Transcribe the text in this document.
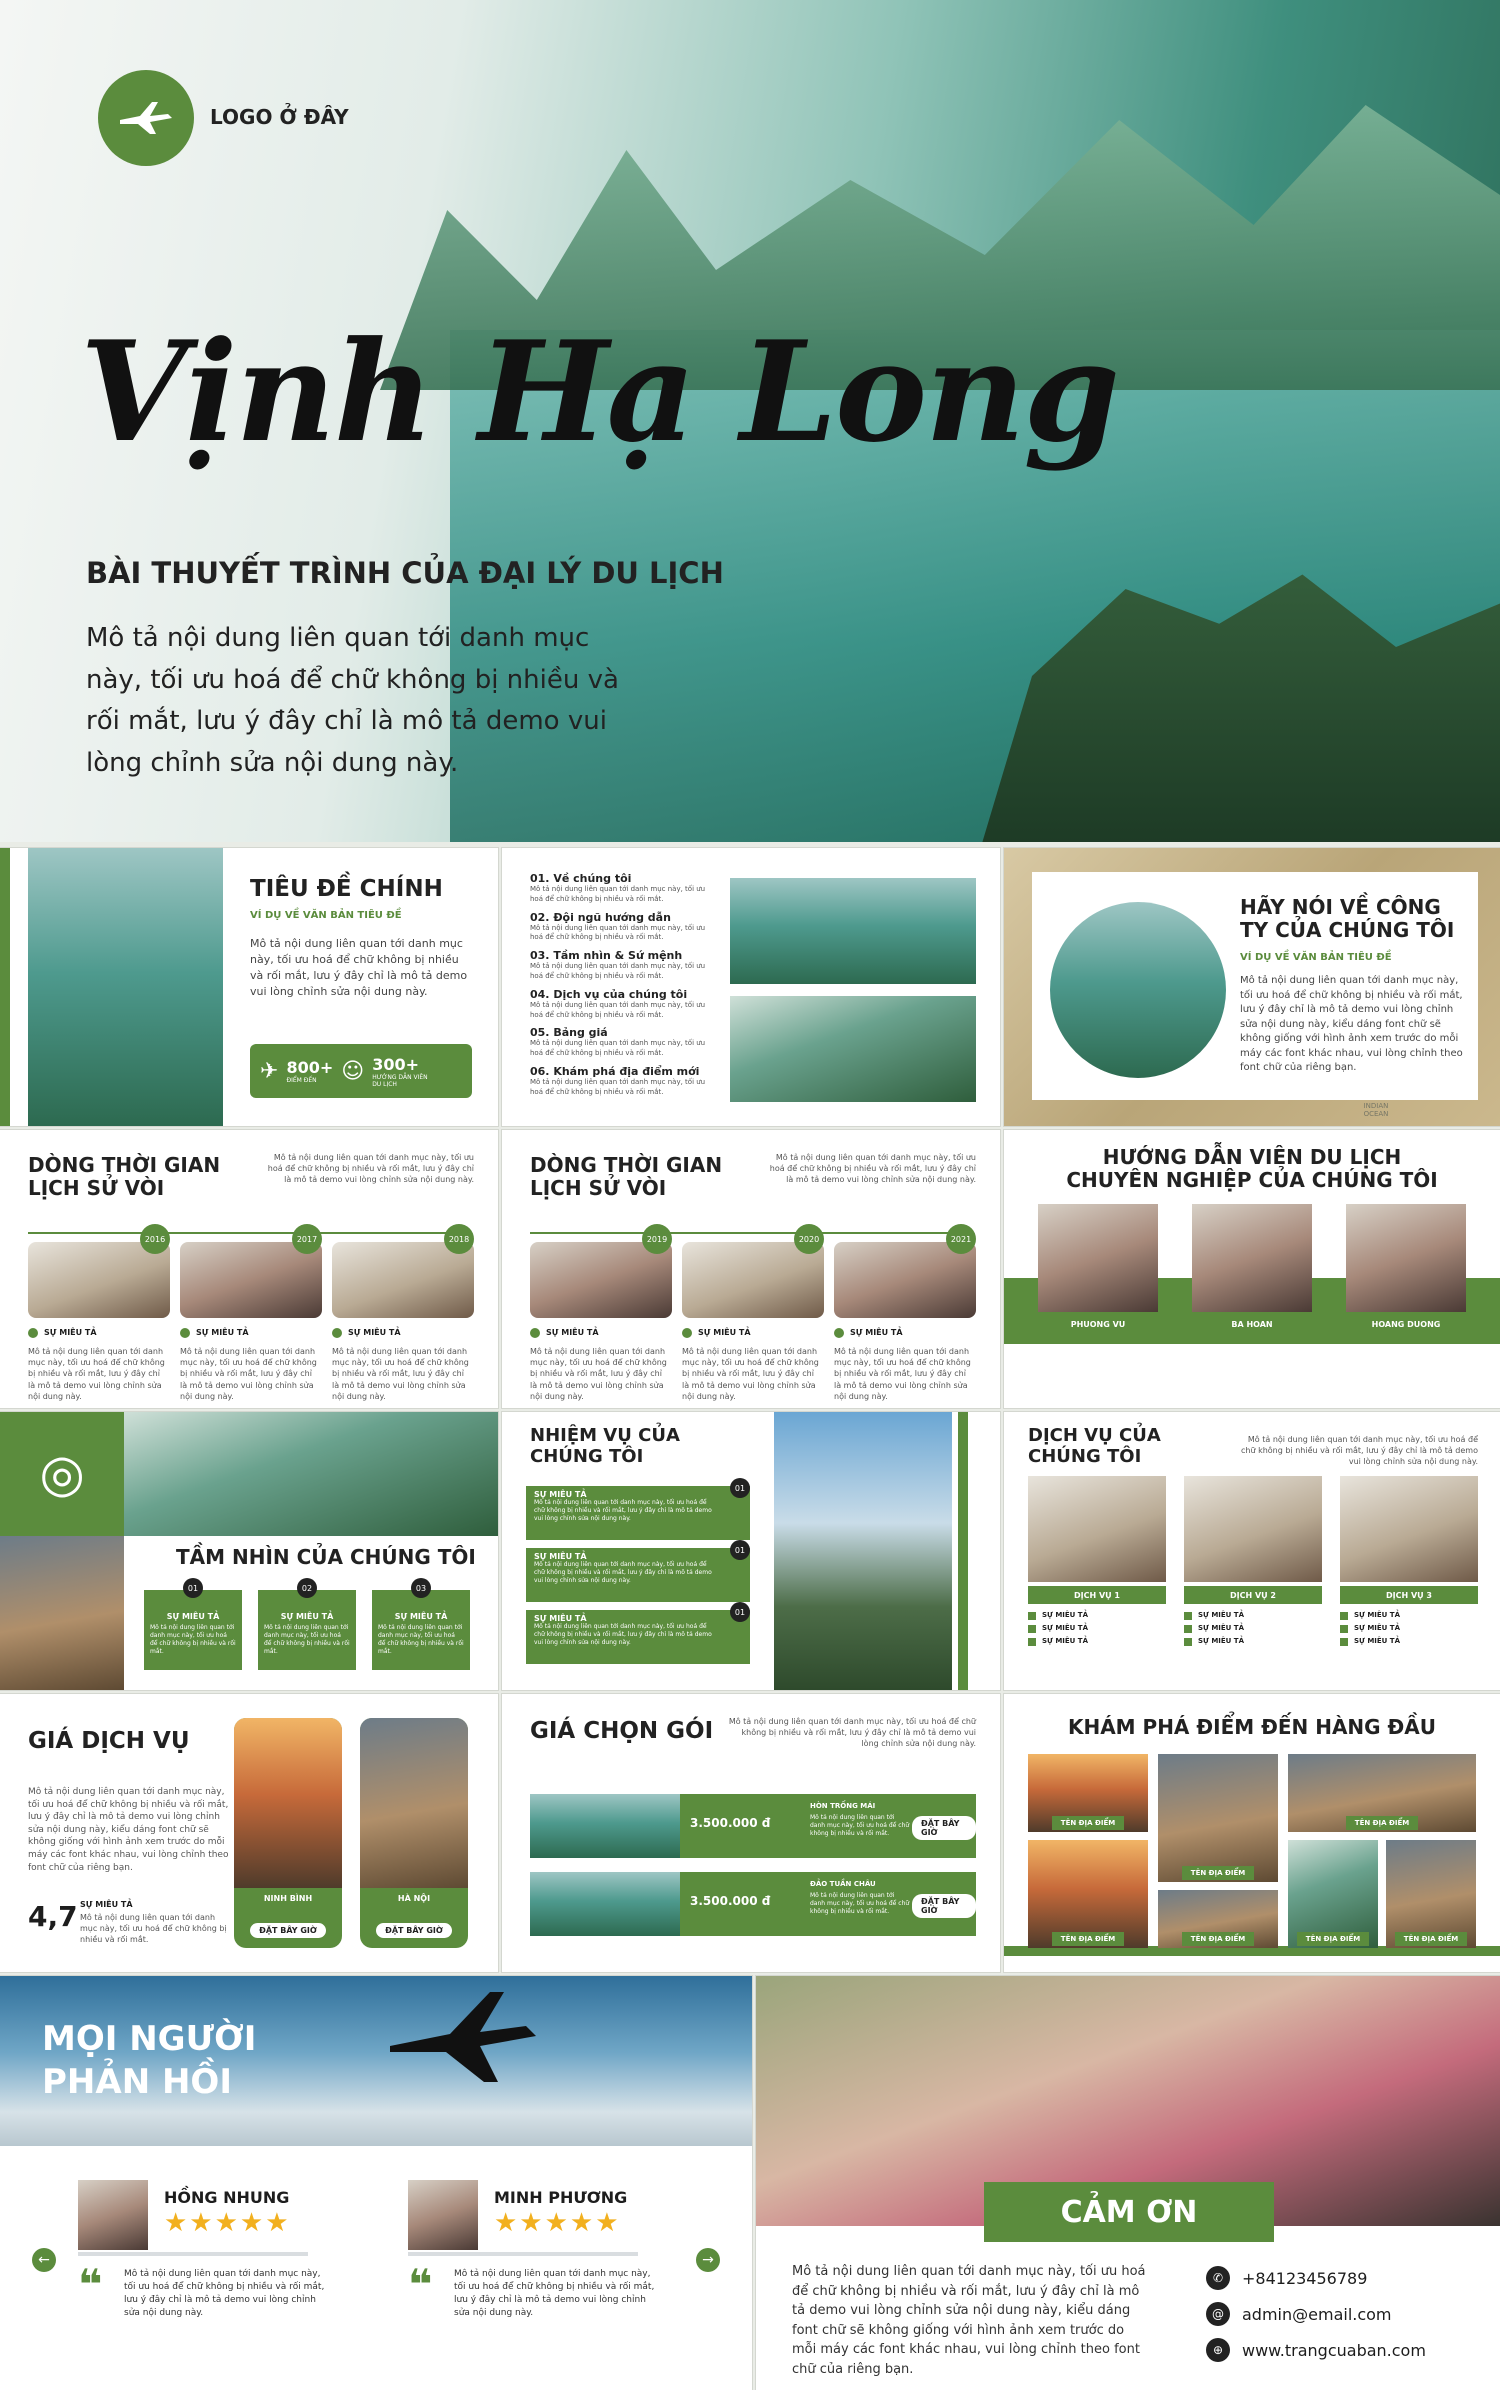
LOGO Ở ĐÂY
Vịnh Hạ Long
BÀI THUYẾT TRÌNH CỦA ĐẠI LÝ DU LỊCH
Mô tả nội dung liên quan tới danh mục này, tối ưu hoá để chữ không bị nhiều và rối mắt, lưu ý đây chỉ là mô tả demo vui lòng chỉnh sửa nội dung này.
TIÊU ĐỀ CHÍNH
VÍ DỤ VỀ VĂN BẢN TIÊU ĐỀ
Mô tả nội dung liên quan tới danh mục này, tối ưu hoá để chữ không bị nhiều và rối mắt, lưu ý đây chỉ là mô tả demo vui lòng chỉnh sửa nội dung này.
✈ 800+
ĐIỂM ĐẾN	☺ 300+
HƯỚNG DẪN VIÊN DU LỊCH
01. Về chúng tôi
Mô tả nội dung liên quan tới danh mục này, tối ưu hoá để chữ không bị nhiều và rối mắt.
02. Đội ngũ hướng dẫn
Mô tả nội dung liên quan tới danh mục này, tối ưu hoá để chữ không bị nhiều và rối mắt.
03. Tầm nhìn & Sứ mệnh
Mô tả nội dung liên quan tới danh mục này, tối ưu hoá để chữ không bị nhiều và rối mắt.
04. Dịch vụ của chúng tôi
Mô tả nội dung liên quan tới danh mục này, tối ưu hoá để chữ không bị nhiều và rối mắt.
05. Bảng giá
Mô tả nội dung liên quan tới danh mục này, tối ưu hoá để chữ không bị nhiều và rối mắt.
06. Khám phá địa điểm mới
Mô tả nội dung liên quan tới danh mục này, tối ưu hoá để chữ không bị nhiều và rối mắt.
HÃY NÓI VỀ CÔNG TY CỦA CHÚNG TÔI
VÍ DỤ VỀ VĂN BẢN TIÊU ĐỀ
Mô tả nội dung liên quan tới danh mục này, tối ưu hoá để chữ không bị nhiều và rối mắt, lưu ý đây chỉ là mô tả demo vui lòng chỉnh sửa nội dung này, kiểu dáng font chữ sẽ không giống với hình ảnh xem trước do mỗi máy các font khác nhau, vui lòng chỉnh theo font chữ của riêng bạn.
INDIAN OCEAN
DÒNG THỜI GIAN LỊCH SỬ VÒI
Mô tả nội dung liên quan tới danh mục này, tối ưu hoá để chữ không bị nhiều và rối mắt, lưu ý đây chỉ là mô tả demo vui lòng chỉnh sửa nội dung này.
2016
SỰ MIÊU TẢ
Mô tả nội dung liên quan tới danh mục này, tối ưu hoá để chữ không bị nhiều và rối mắt, lưu ý đây chỉ là mô tả demo vui lòng chỉnh sửa nội dung này.
2017
SỰ MIÊU TẢ
Mô tả nội dung liên quan tới danh mục này, tối ưu hoá để chữ không bị nhiều và rối mắt, lưu ý đây chỉ là mô tả demo vui lòng chỉnh sửa nội dung này.
2018
SỰ MIÊU TẢ
Mô tả nội dung liên quan tới danh mục này, tối ưu hoá để chữ không bị nhiều và rối mắt, lưu ý đây chỉ là mô tả demo vui lòng chỉnh sửa nội dung này.
DÒNG THỜI GIAN LỊCH SỬ VÒI
Mô tả nội dung liên quan tới danh mục này, tối ưu hoá để chữ không bị nhiều và rối mắt, lưu ý đây chỉ là mô tả demo vui lòng chỉnh sửa nội dung này.
2019
SỰ MIÊU TẢ
Mô tả nội dung liên quan tới danh mục này, tối ưu hoá để chữ không bị nhiều và rối mắt, lưu ý đây chỉ là mô tả demo vui lòng chỉnh sửa nội dung này.
2020
SỰ MIÊU TẢ
Mô tả nội dung liên quan tới danh mục này, tối ưu hoá để chữ không bị nhiều và rối mắt, lưu ý đây chỉ là mô tả demo vui lòng chỉnh sửa nội dung này.
2021
SỰ MIÊU TẢ
Mô tả nội dung liên quan tới danh mục này, tối ưu hoá để chữ không bị nhiều và rối mắt, lưu ý đây chỉ là mô tả demo vui lòng chỉnh sửa nội dung này.
HƯỚNG DẪN VIÊN DU LỊCH CHUYÊN NGHIỆP CỦA CHÚNG TÔI
PHUONG VU
Mô tả nội dung liên quan tới danh mục này, tối ưu hoá để chữ không bị nhiều và rối mắt, lưu ý đây chỉ là mô tả demo vui lòng chỉnh sửa nội dung này.
BA HOAN
Mô tả nội dung liên quan tới danh mục này, tối ưu hoá để chữ không bị nhiều và rối mắt, lưu ý đây chỉ là mô tả demo vui lòng chỉnh sửa nội dung này.
HOANG DUONG
Mô tả nội dung liên quan tới danh mục này, tối ưu hoá để chữ không bị nhiều và rối mắt, lưu ý đây chỉ là mô tả demo vui lòng chỉnh sửa nội dung này.
◎
TẦM NHÌN CỦA CHÚNG TÔI
SỰ MIÊU TẢ
Mô tả nội dung liên quan tới danh mục này, tối ưu hoá để chữ không bị nhiều và rối mắt.
01
SỰ MIÊU TẢ
Mô tả nội dung liên quan tới danh mục này, tối ưu hoá để chữ không bị nhiều và rối mắt.
02
SỰ MIÊU TẢ
Mô tả nội dung liên quan tới danh mục này, tối ưu hoá để chữ không bị nhiều và rối mắt.
03
NHIỆM VỤ CỦA CHÚNG TÔI
SỰ MIÊU TẢ
Mô tả nội dung liên quan tới danh mục này, tối ưu hoá để chữ không bị nhiều và rối mắt, lưu ý đây chỉ là mô tả demo vui lòng chỉnh sửa nội dung này.
01
SỰ MIÊU TẢ
Mô tả nội dung liên quan tới danh mục này, tối ưu hoá để chữ không bị nhiều và rối mắt, lưu ý đây chỉ là mô tả demo vui lòng chỉnh sửa nội dung này.
01
SỰ MIÊU TẢ
Mô tả nội dung liên quan tới danh mục này, tối ưu hoá để chữ không bị nhiều và rối mắt, lưu ý đây chỉ là mô tả demo vui lòng chỉnh sửa nội dung này.
01
DỊCH VỤ CỦA CHÚNG TÔI
Mô tả nội dung liên quan tới danh mục này, tối ưu hoá để chữ không bị nhiều và rối mắt, lưu ý đây chỉ là mô tả demo vui lòng chỉnh sửa nội dung này.
DỊCH VỤ 1
SỰ MIÊU TẢ
SỰ MIÊU TẢ
SỰ MIÊU TẢ
DỊCH VỤ 2
SỰ MIÊU TẢ
SỰ MIÊU TẢ
SỰ MIÊU TẢ
DỊCH VỤ 3
SỰ MIÊU TẢ
SỰ MIÊU TẢ
SỰ MIÊU TẢ
GIÁ DỊCH VỤ
Mô tả nội dung liên quan tới danh mục này, tối ưu hoá để chữ không bị nhiều và rối mắt, lưu ý đây chỉ là mô tả demo vui lòng chỉnh sửa nội dung này, kiểu dáng font chữ sẽ không giống với hình ảnh xem trước do mỗi máy các font khác nhau, vui lòng chỉnh theo font chữ của riêng bạn.
4,7 SỰ MIÊU TẢ
Mô tả nội dung liên quan tới danh mục này, tối ưu hoá để chữ không bị nhiều và rối mắt.
NINH BÌNH
ĐẶT BÂY GIỜ
HÀ NỘI
ĐẶT BÂY GIỜ
GIÁ CHỌN GÓI Mô tả nội dung liên quan tới danh mục này, tối ưu hoá để chữ không bị nhiều và rối mắt, lưu ý đây chỉ là mô tả demo vui lòng chỉnh sửa nội dung này.
3.500.000 đ
HÒN TRỐNG MÁI
Mô tả nội dung liên quan tới danh mục này, tối ưu hoá để chữ không bị nhiều và rối mắt.
ĐẶT BÂY GIỜ
3.500.000 đ
ĐẢO TUẦN CHÂU
Mô tả nội dung liên quan tới danh mục này, tối ưu hoá để chữ không bị nhiều và rối mắt.
ĐẶT BÂY GIỜ
KHÁM PHÁ ĐIỂM ĐẾN HÀNG ĐẦU
TÊN ĐỊA ĐIỂM
TÊN ĐỊA ĐIỂM
TÊN ĐỊA ĐIỂM
TÊN ĐỊA ĐIỂM	TÊN ĐỊA ĐIỂM	TÊN ĐỊA ĐIỂM	TÊN ĐỊA ĐIỂM
MỌI NGƯỜI PHẢN HỒI
←	→
HỒNG NHUNG
★★★★★
❝ Mô tả nội dung liên quan tới danh mục này, tối ưu hoá để chữ không bị nhiều và rối mắt, lưu ý đây chỉ là mô tả demo vui lòng chỉnh sửa nội dung này.
MINH PHƯƠNG
★★★★★
❝ Mô tả nội dung liên quan tới danh mục này, tối ưu hoá để chữ không bị nhiều và rối mắt, lưu ý đây chỉ là mô tả demo vui lòng chỉnh sửa nội dung này.
CẢM ƠN
Mô tả nội dung liên quan tới danh mục này, tối ưu hoá để chữ không bị nhiều và rối mắt, lưu ý đây chỉ là mô tả demo vui lòng chỉnh sửa nội dung này, kiểu dáng font chữ sẽ không giống với hình ảnh xem trước do mỗi máy các font khác nhau, vui lòng chỉnh theo font chữ của riêng bạn.
✆	+84123456789
@	admin@email.com
⊕	www.trangcuaban.com
